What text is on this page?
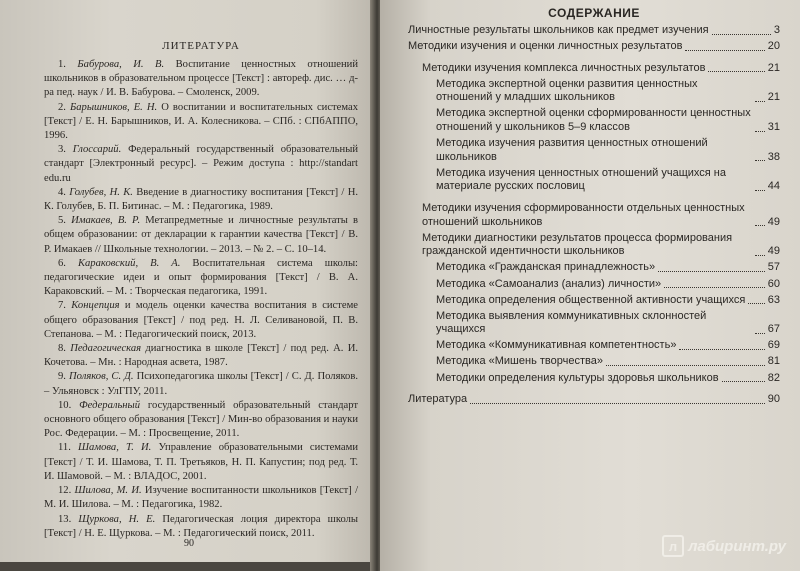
ЛИТЕРАТУРА

1. Бабурова, И. В. Воспитание ценностных отношений школьников в образовательном процессе [Текст] : автореф. дис. … д-ра пед. наук / И. В. Бабурова. – Смоленск, 2009.

2. Барышников, Е. Н. О воспитании и воспитательных системах [Текст] / Е. Н. Барышников, И. А. Колесникова. – СПб. : СПбАППО, 1996.

3. Глоссарий. Федеральный государственный образовательный стандарт [Электронный ресурс]. – Режим доступа : http://standart edu.ru

4. Голубев, Н. К. Введение в диагностику воспитания [Текст] / Н. К. Голубев, Б. П. Битинас. – М. : Педагогика, 1989.

5. Имакаев, В. Р. Метапредметные и личностные результаты в общем образовании: от декларации к гарантии качества [Текст] / В. Р. Имакаев // Школьные технологии. – 2013. – № 2. – С. 10–14.

6. Караковский, В. А. Воспитательная система школы: педагогические идеи и опыт формирования [Текст] / В. А. Караковский. – М. : Творческая педагогика, 1991.

7. Концепция и модель оценки качества воспитания в системе общего образования [Текст] / под ред. Н. Л. Селивановой, П. В. Степанова. – М. : Педагогический поиск, 2013.

8. Педагогическая диагностика в школе [Текст] / под ред. А. И. Кочетова. – Мн. : Народная асвета, 1987.

9. Поляков, С. Д. Психопедагогика школы [Текст] / С. Д. Поляков. – Ульяновск : УлГПУ, 2011.

10. Федеральный государственный образовательный стандарт основного общего образования [Текст] / Мин-во образования и науки Рос. Федерации. – М. : Просвещение, 2011.

11. Шамова, Т. И. Управление образовательными системами [Текст] / Т. И. Шамова, Т. П. Третьяков, Н. П. Капустин; под ред. Т. И. Шамовой. – М. : ВЛАДОС, 2001.

12. Шилова, М. И. Изучение воспитанности школьников [Текст] / М. И. Шилова. – М. : Педагогика, 1982.

13. Щуркова, Н. Е. Педагогическая лоция директора школы [Текст] / Н. Е. Щуркова. – М. : Педагогический поиск, 2011.

90
СОДЕРЖАНИЕ
Личностные результаты школьников как предмет изучения	3
Методики изучения и оценки личностных результатов	20
Методики изучения комплекса личностных результатов	21
Методика экспертной оценки развития ценностных отношений у младших школьников	21
Методика экспертной оценки сформированности ценностных отношений у школьников 5–9 классов	31
Методика изучения развития ценностных отношений школьников	38
Методика изучения ценностных отношений учащихся на материале русских пословиц	44
Методики изучения сформированности отдельных ценностных отношений школьников	49
Методики диагностики результатов процесса формирования гражданской идентичности школьников	49
Методика «Гражданская принадлежность»	57
Методика «Самоанализ (анализ) личности»	60
Методика определения общественной активности учащихся 63
Методика выявления коммуникативных склонностей учащихся	67
Методика «Коммуникативная компетентность»	69
Методика «Мишень творчества»	81
Методики определения культуры здоровья школьников	82
Литература	90
л лабиринт.ру
